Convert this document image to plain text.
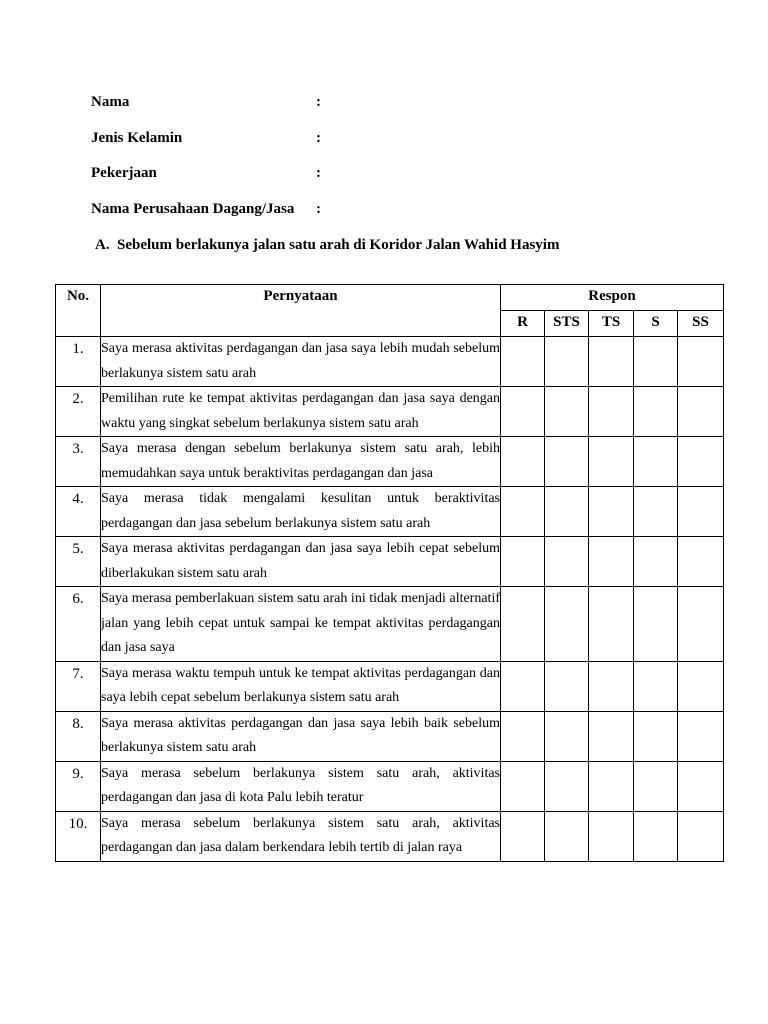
Nama	:
Jenis Kelamin	:
Pekerjaan	:
Nama Perusahaan Dagang/Jasa :
A. Sebelum berlakunya jalan satu arah di Koridor Jalan Wahid Hasyim
No.	Pernyataan	Respon				
		R	STS	TS	S	SS
1.	Saya merasa aktivitas perdagangan dan jasa saya lebih mudah sebelum berlakunya sistem satu arah					
2.	Pemilihan rute ke tempat aktivitas perdagangan dan jasa saya dengan waktu yang singkat sebelum berlakunya sistem satu arah					
3.	Saya merasa dengan sebelum berlakunya sistem satu arah, lebih memudahkan saya untuk beraktivitas perdagangan dan jasa					
4.	Saya merasa tidak mengalami kesulitan untuk beraktivitas perdagangan dan jasa sebelum berlakunya sistem satu arah					
5.	Saya merasa aktivitas perdagangan dan jasa saya lebih cepat sebelum diberlakukan sistem satu arah					
6.	Saya merasa pemberlakuan sistem satu arah ini tidak menjadi alternatif jalan yang lebih cepat untuk sampai ke tempat aktivitas perdagangan dan jasa saya					
7.	Saya merasa waktu tempuh untuk ke tempat aktivitas perdagangan dan saya lebih cepat sebelum berlakunya sistem satu arah					
8.	Saya merasa aktivitas perdagangan dan jasa saya lebih baik sebelum berlakunya sistem satu arah					
9.	Saya merasa sebelum berlakunya sistem satu arah, aktivitas perdagangan dan jasa di kota Palu lebih teratur					
10.	Saya merasa sebelum berlakunya sistem satu arah, aktivitas perdagangan dan jasa dalam berkendara lebih tertib di jalan raya					
